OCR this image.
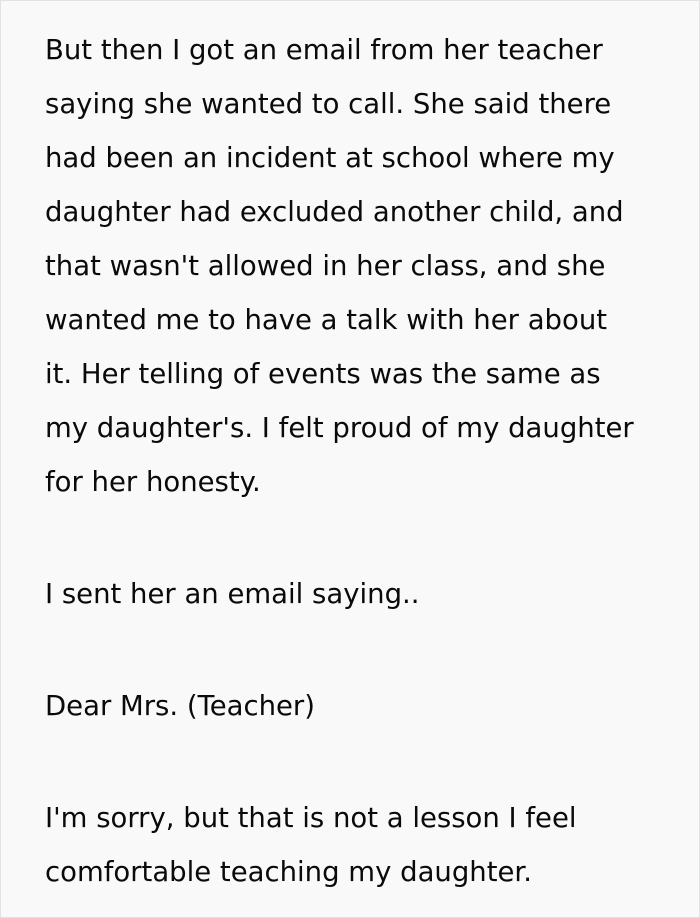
But then I got an email from her teacher
saying she wanted to call. She said there
had been an incident at school where my
daughter had excluded another child, and
that wasn't allowed in her class, and she
wanted me to have a talk with her about
it. Her telling of events was the same as
my daughter's. I felt proud of my daughter
for her honesty.

I sent her an email saying..

Dear Mrs. (Teacher)

I'm sorry, but that is not a lesson I feel
comfortable teaching my daughter.
